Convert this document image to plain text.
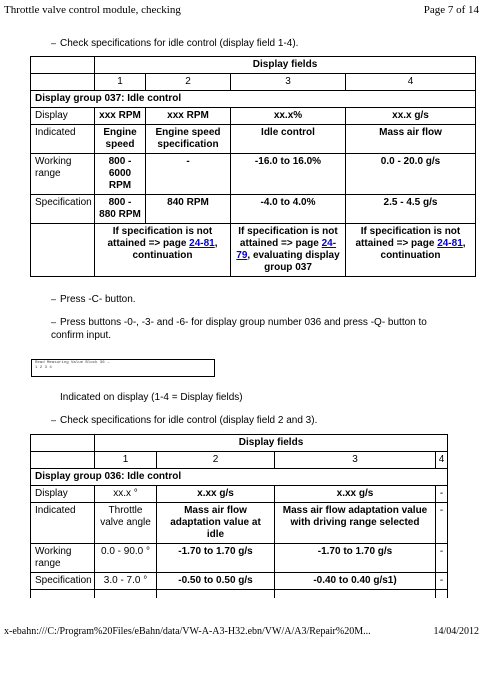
Throttle valve control module, checking	Page 7 of 14
– Check specifications for idle control (display field 1-4).
	Display fields			
	1	2	3	4
Display group 037: Idle control				
Display	xxx RPM	xxx RPM	xx.x%	xx.x g/s
Indicated	Engine speed	Engine speed specification	Idle control	Mass air flow
Working range	800 - 6000 RPM	-	-16.0 to 16.0%	0.0 - 20.0 g/s
Specification	800 - 880 RPM	840 RPM	-4.0 to 4.0%	2.5 - 4.5 g/s
	If specification is not attained => page 24-81, continuation		If specification is not attained => page 24-79, evaluating display group 037	If specification is not attained => page 24-81, continuation
– Press -C- button.
– Press buttons -0-, -3- and -6- for display group number 036 and press -Q- button to confirm input.
Read Measuring Value Block 36 →
1 2 3 4
Indicated on display (1-4 = Display fields)
– Check specifications for idle control (display field 2 and 3).
	Display fields			
	1	2	3	4
Display group 036: Idle control				
Display	xx.x °	x.xx g/s	x.xx g/s	-
Indicated	Throttle valve angle	Mass air flow adaptation value at idle	Mass air flow adaptation value with driving range selected	-
Working range	0.0 - 90.0 °	-1.70 to 1.70 g/s	-1.70 to 1.70 g/s	-
Specification	3.0 - 7.0 °	-0.50 to 0.50 g/s	-0.40 to 0.40 g/s1)	-

x-ebahn:///C:/Program%20Files/eBahn/data/VW-A-A3-H32.ebn/VW/A/A3/Repair%20M...	14/04/2012
